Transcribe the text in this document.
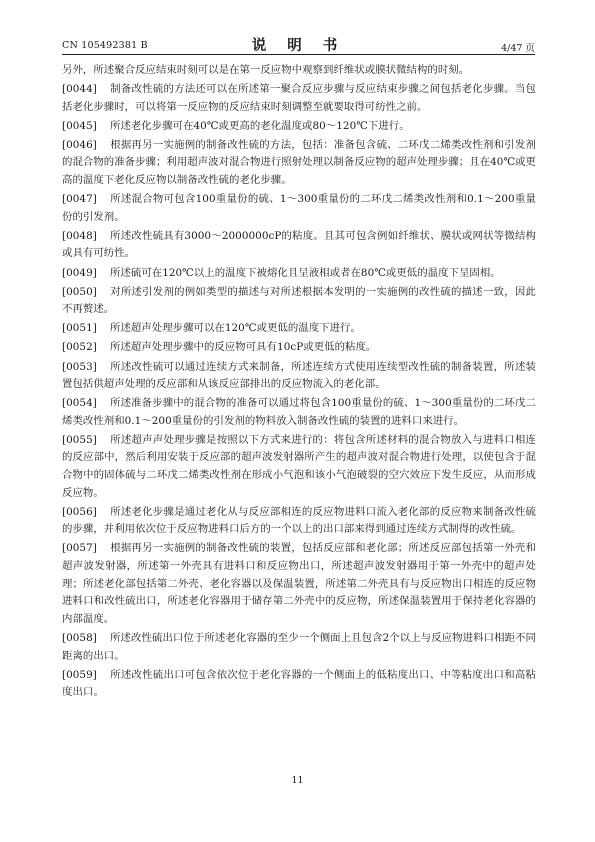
CN 105492381 B	说 明 书	4/47 页

另外，所述聚合反应结束时刻可以是在第一反应物中观察到纤维状或膜状微结构的时刻。

[0044] 制备改性硫的方法还可以在所述第一聚合反应步骤与反应结束步骤之间包括老化步骤。当包括老化步骤时，可以将第一反应物的反应结束时刻调整至就要取得可纺性之前。

[0045] 所述老化步骤可在40℃或更高的老化温度或80～120℃下进行。

[0046] 根据再另一实施例的制备改性硫的方法，包括：准备包含硫、二环戊二烯类改性剂和引发剂的混合物的准备步骤；利用超声波对混合物进行照射处理以制备反应物的超声处理步骤；且在40℃或更高的温度下老化反应物以制备改性硫的老化步骤。

[0047] 所述混合物可包含100重量份的硫、1～300重量份的二环戊二烯类改性剂和0.1～200重量份的引发剂。

[0048] 所述改性硫具有3000～2000000cP的粘度。且其可包含例如纤维状、膜状或网状等微结构或具有可纺性。

[0049] 所述硫可在120℃以上的温度下被熔化且呈液相或者在80℃或更低的温度下呈固相。

[0050] 对所述引发剂的例如类型的描述与对所述根据本发明的一实施例的改性硫的描述一致，因此不再赘述。

[0051] 所述超声处理步骤可以在120℃或更低的温度下进行。

[0052] 所述超声处理步骤中的反应物可具有10cP或更低的粘度。

[0053] 所述改性硫可以通过连续方式来制备，所述连续方式使用连续型改性硫的制备装置，所述装置包括供超声处理的反应部和从该反应部排出的反应物流入的老化部。

[0054] 所述准备步骤中的混合物的准备可以通过将包含100重量份的硫、1～300重量份的二环戊二烯类改性剂和0.1～200重量份的引发剂的物料放入制备改性硫的装置的进料口来进行。

[0055] 所述超声声处理步骤是按照以下方式来进行的：将包含所述材料的混合物放入与进料口相连的反应部中，然后利用安装于反应部的超声波发射器所产生的超声波对混合物进行处理，以使包含于混合物中的固体硫与二环戊二烯类改性剂在形成小气泡和该小气泡破裂的空穴效应下发生反应，从而形成反应物。

[0056] 所述老化步骤是通过老化从与反应部相连的反应物进料口流入老化部的反应物来制备改性硫的步骤，并利用依次位于反应物进料口后方的一个以上的出口部来得到通过连续方式制得的改性硫。

[0057] 根据再另一实施例的制备改性硫的装置，包括反应部和老化部；所述反应部包括第一外壳和超声波发射器，所述第一外壳具有进料口和反应物出口，所述超声波发射器用于第一外壳中的超声处理；所述老化部包括第二外壳、老化容器以及保温装置，所述第二外壳具有与反应物出口相连的反应物进料口和改性硫出口，所述老化容器用于储存第二外壳中的反应物，所述保温装置用于保持老化容器的内部温度。

[0058] 所述改性硫出口位于所述老化容器的至少一个侧面上且包含2个以上与反应物进料口相距不同距离的出口。

[0059] 所述改性硫出口可包含依次位于老化容器的一个侧面上的低粘度出口、中等粘度出口和高粘度出口。

11
